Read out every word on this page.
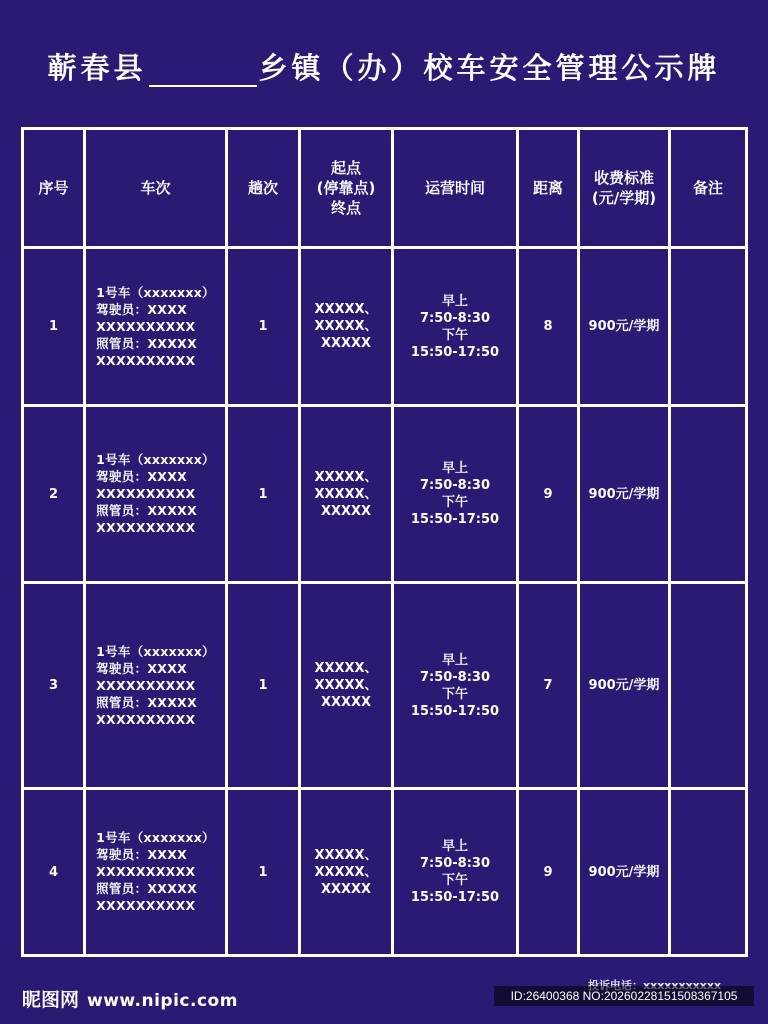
蕲春县	乡镇（办）校车安全管理公示牌
序号	车次	趟次	起点
(停靠点)
终点	运营时间	距离	收费标准
(元/学期)	备注
1	1号车（xxxxxxx）
驾驶员：XXXX
XXXXXXXXXX
照管员：XXXXX
XXXXXXXXXX	1	XXXXX、
XXXXX、
XXXXX	早上
7:50-8:30
下午
15:50-17:50	8	900元/学期	
2	1号车（xxxxxxx）
驾驶员：XXXX
XXXXXXXXXX
照管员：XXXXX
XXXXXXXXXX	1	XXXXX、
XXXXX、
XXXXX	早上
7:50-8:30
下午
15:50-17:50	9	900元/学期	
3	1号车（xxxxxxx）
驾驶员：XXXX
XXXXXXXXXX
照管员：XXXXX
XXXXXXXXXX	1	XXXXX、
XXXXX、
XXXXX	早上
7:50-8:30
下午
15:50-17:50	7	900元/学期	
4	1号车（xxxxxxx）
驾驶员：XXXX
XXXXXXXXXX
照管员：XXXXX
XXXXXXXXXX	1	XXXXX、
XXXXX、
XXXXX	早上
7:50-8:30
下午
15:50-17:50	9	900元/学期	
昵图网 www.nipic.com	ID:26400368 NO:20260228151508367105
